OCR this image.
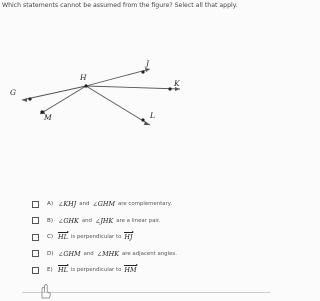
Which statements cannot be assumed from the figure? Select all that apply.
J
H
K
G
M	L
A) ∠KHJ and ∠GHM are complementary.
B) ∠GHK and ∠JHK are a linear pair.
C) HL is perpendicular to HJ
D) ∠GHM and ∠MHK are adjacent angles.
E) HL is perpendicular to HM
